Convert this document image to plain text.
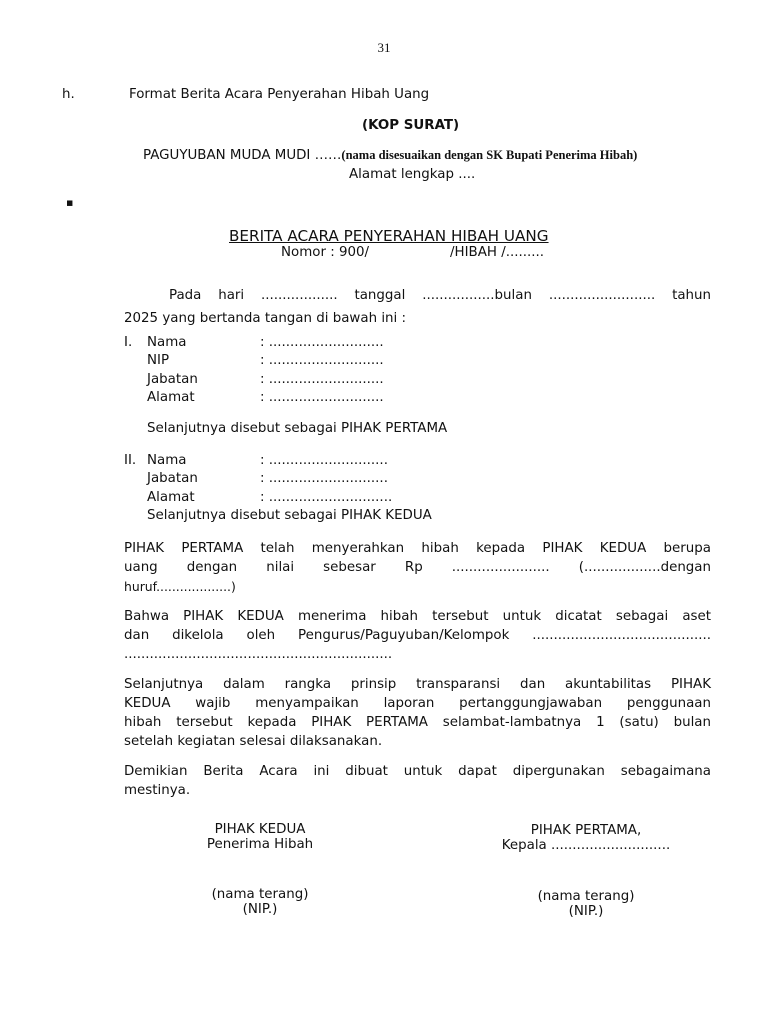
31
h.	Format Berita Acara Penyerahan Hibah Uang
(KOP SURAT)
PAGUYUBAN MUDA MUDI ……(nama disesuaikan dengan SK Bupati Penerima Hibah)
Alamat lengkap ....
▪
BERITA ACARA PENYERAHAN HIBAH UANG
Nomor : 900/	/HIBAH /.........
Pada hari .................. tanggal .................bulan ......................... tahun
2025 yang bertanda tangan di bawah ini :
I. Nama	: ...........................
NIP	: ...........................
Jabatan	: ...........................
Alamat	: ...........................
Selanjutnya disebut sebagai PIHAK PERTAMA
II. Nama	: ............................
Jabatan	: ............................
Alamat	: .............................
Selanjutnya disebut sebagai PIHAK KEDUA
PIHAK PERTAMA telah menyerahkan hibah kepada PIHAK KEDUA berupa
uang dengan nilai sebesar Rp ....................... (..................dengan
huruf...................)
Bahwa PIHAK KEDUA menerima hibah tersebut untuk dicatat sebagai aset
dan dikelola oleh Pengurus/Paguyuban/Kelompok ..........................................
...............................................................
Selanjutnya dalam rangka prinsip transparansi dan akuntabilitas PIHAK
KEDUA wajib menyampaikan laporan pertanggungjawaban penggunaan
hibah tersebut kepada PIHAK PERTAMA selambat-lambatnya 1 (satu) bulan
setelah kegiatan selesai dilaksanakan.
Demikian Berita Acara ini dibuat untuk dapat dipergunakan sebagaimana
mestinya.
PIHAK KEDUA
Penerima Hibah
(nama terang)
(NIP.)
PIHAK PERTAMA,
Kepala ............................
(nama terang)
(NIP.)
